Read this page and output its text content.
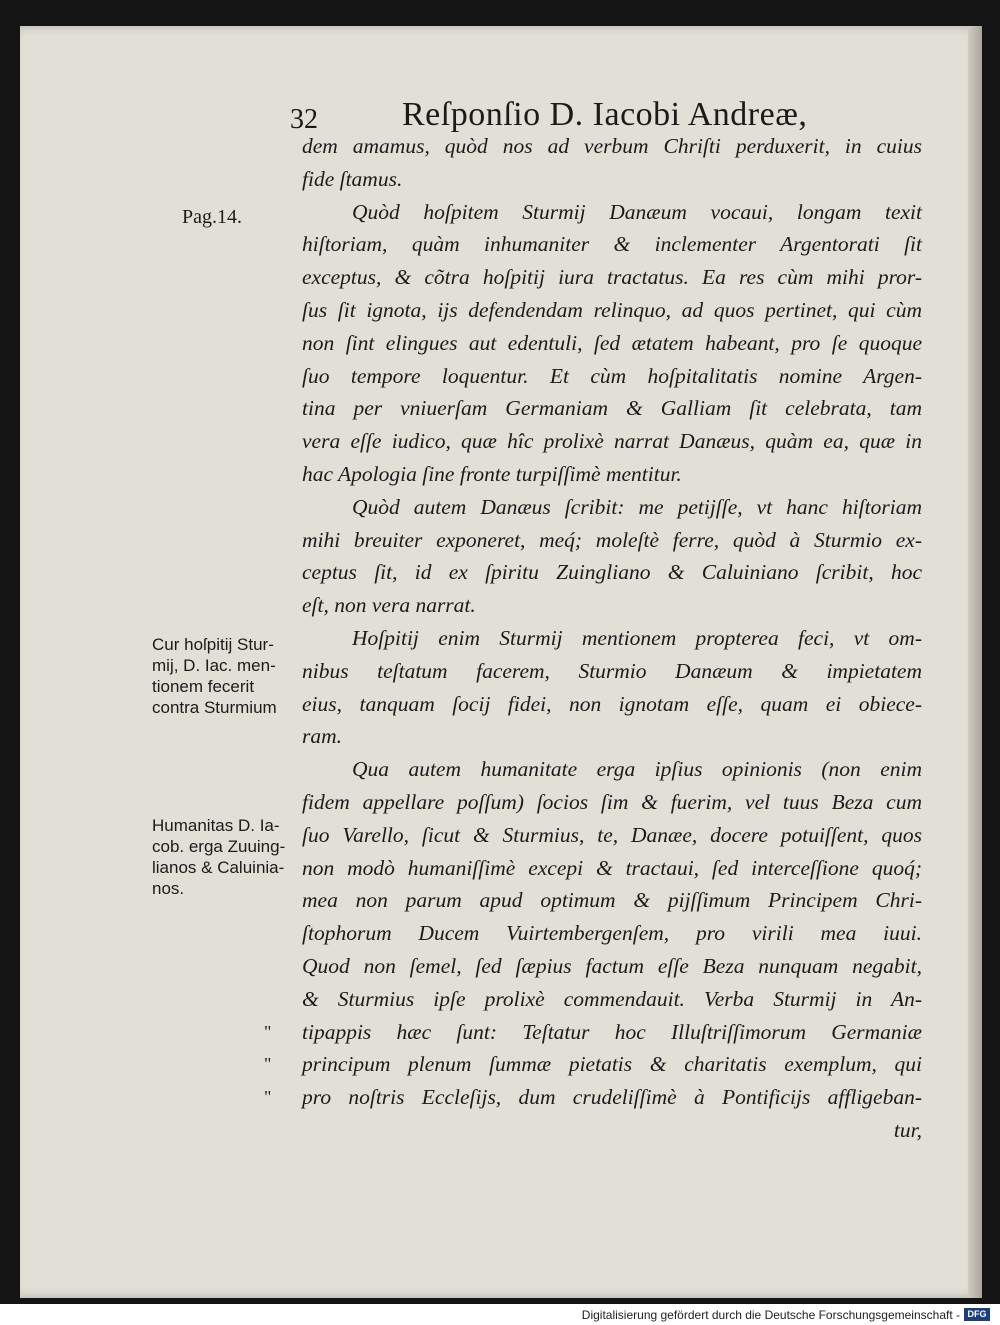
32 Reſponſio D. Iacobi Andreæ,
Pag.14.
Cur hoſpitij Stur-
mij, D. Iac. men-
tionem fecerit
contra Sturmium
Humanitas D. Ia-
cob. erga Zuuing-
lianos & Caluinia-
nos.
dem amamus, quòd nos ad verbum Chriſti perduxerit, in cuius
fide ſtamus.
Quòd hoſpitem Sturmij Danæum vocaui, longam texit
hiſtoriam, quàm inhumaniter & inclementer Argentorati ſit
exceptus, & cõtra hoſpitij iura tractatus. Ea res cùm mihi pror-
ſus ſit ignota, ijs defendendam relinquo, ad quos pertinet, qui cùm
non ſint elingues aut edentuli, ſed ætatem habeant, pro ſe quoque
ſuo tempore loquentur. Et cùm hoſpitalitatis nomine Argen-
tina per vniuerſam Germaniam & Galliam ſit celebrata, tam
vera eſſe iudico, quæ hîc prolixè narrat Danæus, quàm ea, quæ in
hac Apologia ſine fronte turpiſſimè mentitur.
Quòd autem Danæus ſcribit: me petijſſe, vt hanc hiſtoriam
mihi breuiter exponeret, meq́; moleſtè ferre, quòd à Sturmio ex-
ceptus ſit, id ex ſpiritu Zuingliano & Caluiniano ſcribit, hoc
eſt, non vera narrat.
Hoſpitij enim Sturmij mentionem propterea feci, vt om-
nibus teſtatum facerem, Sturmio Danæum & impietatem
eius, tanquam ſocij fidei, non ignotam eſſe, quam ei obiece-
ram.
Qua autem humanitate erga ipſius opinionis (non enim
fidem appellare poſſum) ſocios ſim & fuerim, vel tuus Beza cum
ſuo Varello, ſicut & Sturmius, te, Danæe, docere potuiſſent, quos
non modò humaniſſimè excepi & tractaui, ſed interceſſione quoq́;
mea non parum apud optimum & pijſſimum Principem Chri-
ſtophorum Ducem Vuirtembergenſem, pro virili mea iuui.
Quod non ſemel, ſed ſæpius factum eſſe Beza nunquam negabit,
& Sturmius ipſe prolixè commendauit. Verba Sturmij in An-
" tipappis hæc ſunt: Teſtatur hoc Illuſtriſſimorum Germaniæ
" principum plenum ſummæ pietatis & charitatis exemplum, qui
" pro noſtris Eccleſijs, dum crudeliſſimè à Pontificijs affligeban-
tur,
Digitalisierung gefördert durch die Deutsche Forschungsgemeinschaft - DFG
